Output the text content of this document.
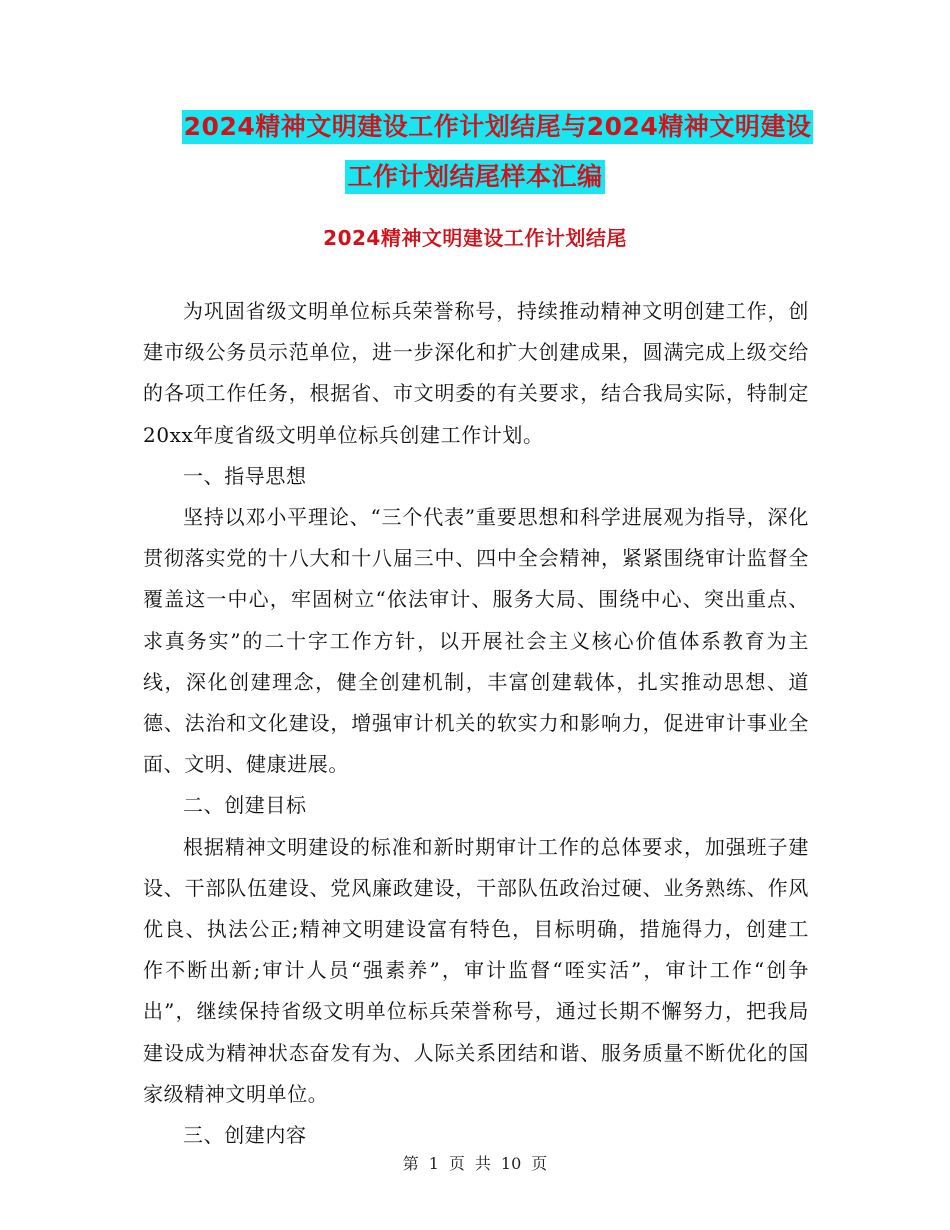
2024精神文明建设工作计划结尾与2024精神文明建设
工作计划结尾样本汇编
2024精神文明建设工作计划结尾

为巩固省级文明单位标兵荣誉称号，持续推动精神文明创建工作，创建市级公务员示范单位，进一步深化和扩大创建成果，圆满完成上级交给的各项工作任务，根据省、市文明委的有关要求，结合我局实际，特制定20xx年度省级文明单位标兵创建工作计划。

一、指导思想

坚持以邓小平理论、“三个代表”重要思想和科学进展观为指导，深化贯彻落实党的十八大和十八届三中、四中全会精神，紧紧围绕审计监督全覆盖这一中心，牢固树立“依法审计、服务大局、围绕中心、突出重点、求真务实”的二十字工作方针，以开展社会主义核心价值体系教育为主线，深化创建理念，健全创建机制，丰富创建载体，扎实推动思想、道德、法治和文化建设，增强审计机关的软实力和影响力，促进审计事业全面、文明、健康进展。

二、创建目标

根据精神文明建设的标准和新时期审计工作的总体要求，加强班子建设、干部队伍建设、党风廉政建设，干部队伍政治过硬、业务熟练、作风优良、执法公正;精神文明建设富有特色，目标明确，措施得力，创建工作不断出新;审计人员“强素养”，审计监督“咥实活”，审计工作“创争出”，继续保持省级文明单位标兵荣誉称号，通过长期不懈努力，把我局建设成为精神状态奋发有为、人际关系团结和谐、服务质量不断优化的国家级精神文明单位。

三、创建内容

第 1 页 共 10 页
